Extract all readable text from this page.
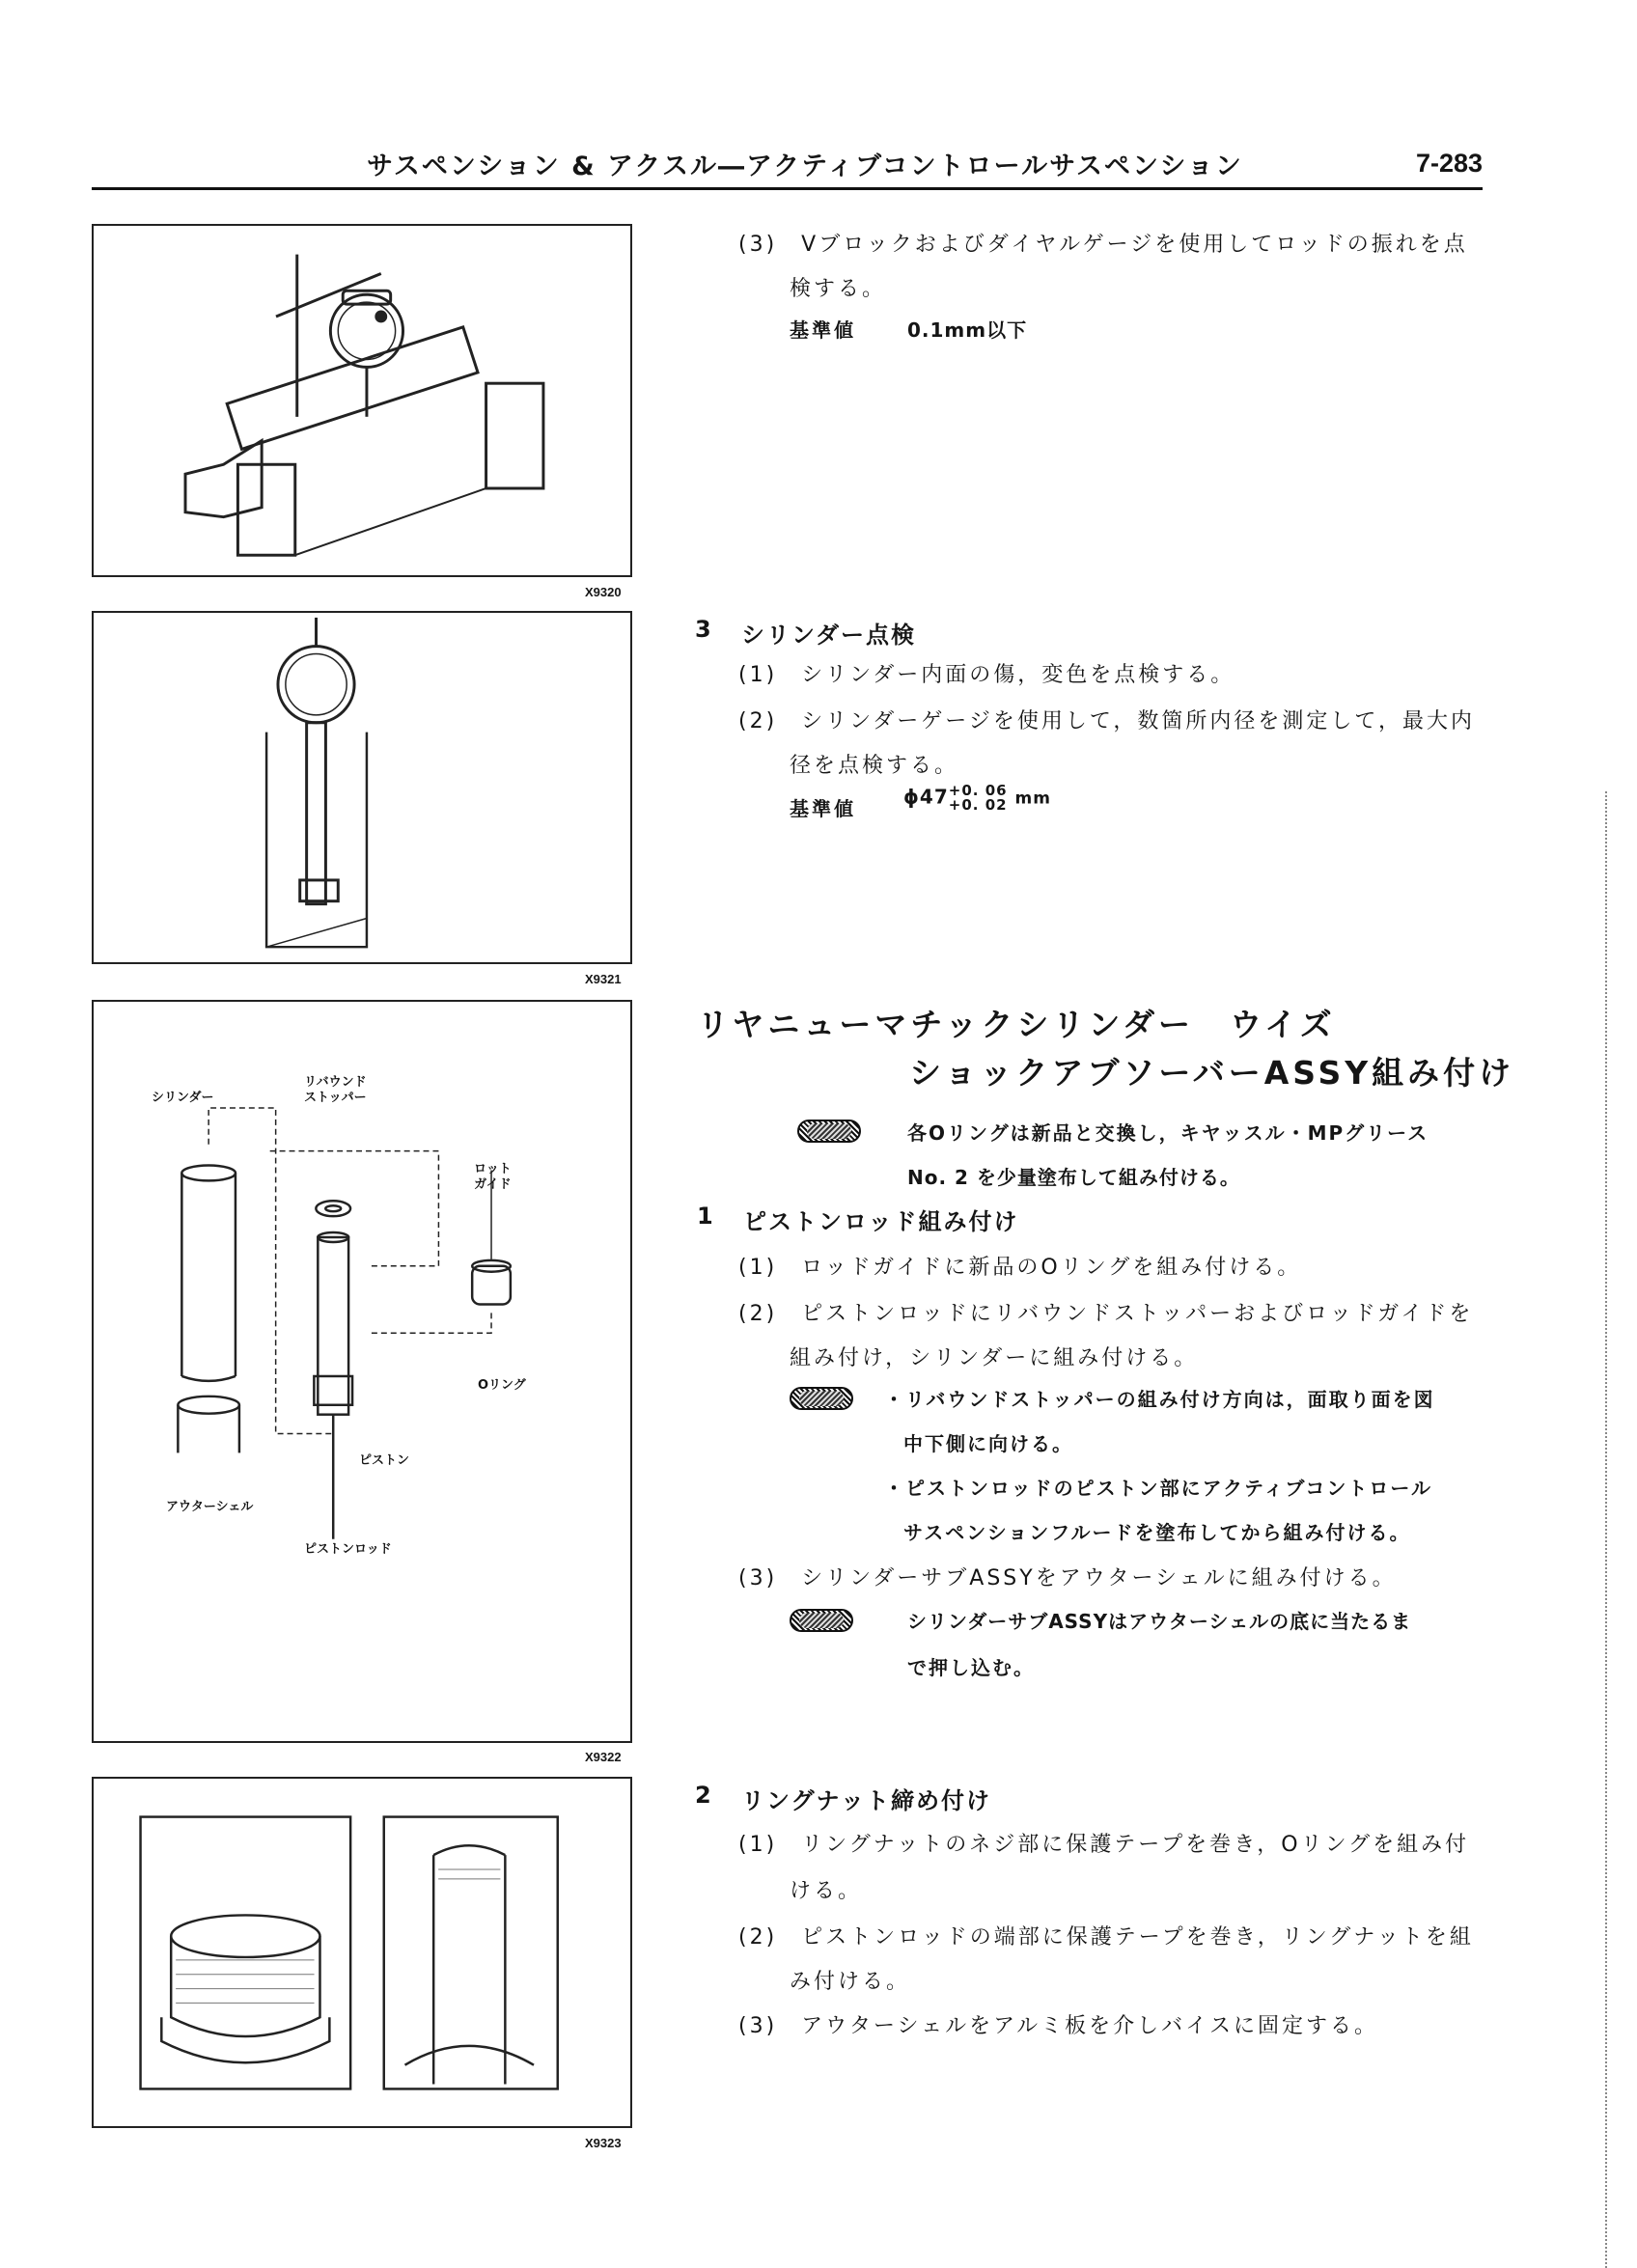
サスペンション & アクスル―アクティブコントロールサスペンション	7-283
X9320
X9321
シリンダー
リバウンド
ストッパー
ロット
ガイド
Oリング
ピストン
アウターシェル
ピストンロッド
X9322
X9323
(3)　Vブロックおよびダイヤルゲージを使用してロッドの振れを点
検する。
基準値	0.1mm以下
3 シリンダー点検
(1)　シリンダー内面の傷，変色を点検する。
(2)　シリンダーゲージを使用して，数箇所内径を測定して，最大内
径を点検する。
基準値
ϕ47 +0. 06
+0. 02 mm
リヤニューマチックシリンダー　ウイズ
ショックアブソーバーASSY組み付け
各Oリングは新品と交換し，キヤッスル・MPグリース
No. 2 を少量塗布して組み付ける。
1 ピストンロッド組み付け
(1)　ロッドガイドに新品のOリングを組み付ける。
(2)　ピストンロッドにリバウンドストッパーおよびロッドガイドを
組み付け，シリンダーに組み付ける。
・リバウンドストッパーの組み付け方向は，面取り面を図
中下側に向ける。
・ピストンロッドのピストン部にアクティブコントロール
サスペンションフルードを塗布してから組み付ける。
(3)　シリンダーサブASSYをアウターシェルに組み付ける。
シリンダーサブASSYはアウターシェルの底に当たるま
で押し込む。
2 リングナット締め付け
(1)　リングナットのネジ部に保護テープを巻き，Oリングを組み付
ける。
(2)　ピストンロッドの端部に保護テープを巻き，リングナットを組
み付ける。
(3)　アウターシェルをアルミ板を介しバイスに固定する。
